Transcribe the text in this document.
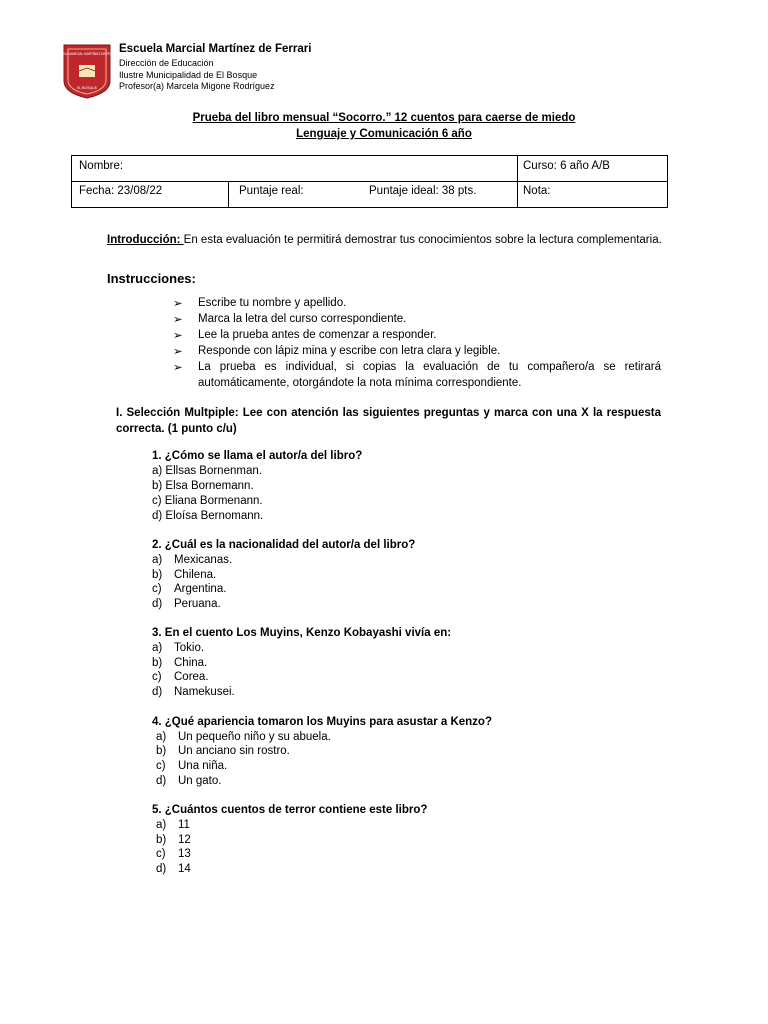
ESCUELA MARCIAL MARTÍNEZ DE FERRARI
EL BOSQUE
Escuela Marcial Martínez de Ferrari
Dirección de Educación
Ilustre Municipalidad de El Bosque
Profesor(a) Marcela Migone Rodríguez
Prueba del libro mensual “Socorro.” 12 cuentos para caerse de miedo
Lenguaje y Comunicación 6 año
Nombre:	Curso: 6 año A/B
Fecha: 23/08/22	Puntaje real:	Puntaje ideal: 38 pts.	Nota:
Introducción: En esta evaluación te permitirá demostrar tus conocimientos sobre la lectura complementaria.
Instrucciones:
➢ Escribe tu nombre y apellido.
➢ Marca la letra del curso correspondiente.
➢ Lee la prueba antes de comenzar a responder.
➢ Responde con lápiz mina y escribe con letra clara y legible.
➢ La prueba es individual, si copias la evaluación de tu compañero/a se retirará automáticamente, otorgándote la nota mínima correspondiente.
I. Selección Multpiple: Lee con atención las siguientes preguntas y marca con una X la respuesta correcta. (1 punto c/u)
1. ¿Cómo se llama el autor/a del libro?
a) Ellsas Bornenman.
b) Elsa Bornemann.
c) Eliana Bormenann.
d) Eloísa Bernomann.
2. ¿Cuál es la nacionalidad del autor/a del libro?
a) Mexicanas.
b) Chilena.
c) Argentina.
d) Peruana.
3. En el cuento Los Muyins, Kenzo Kobayashi vivía en:
a) Tokio.
b) China.
c) Corea.
d) Namekusei.
4. ¿Qué apariencia tomaron los Muyins para asustar a Kenzo?
a) Un pequeño niño y su abuela.
b) Un anciano sin rostro.
c) Una niña.
d) Un gato.
5. ¿Cuántos cuentos de terror contiene este libro?
a) 11
b) 12
c) 13
d) 14
